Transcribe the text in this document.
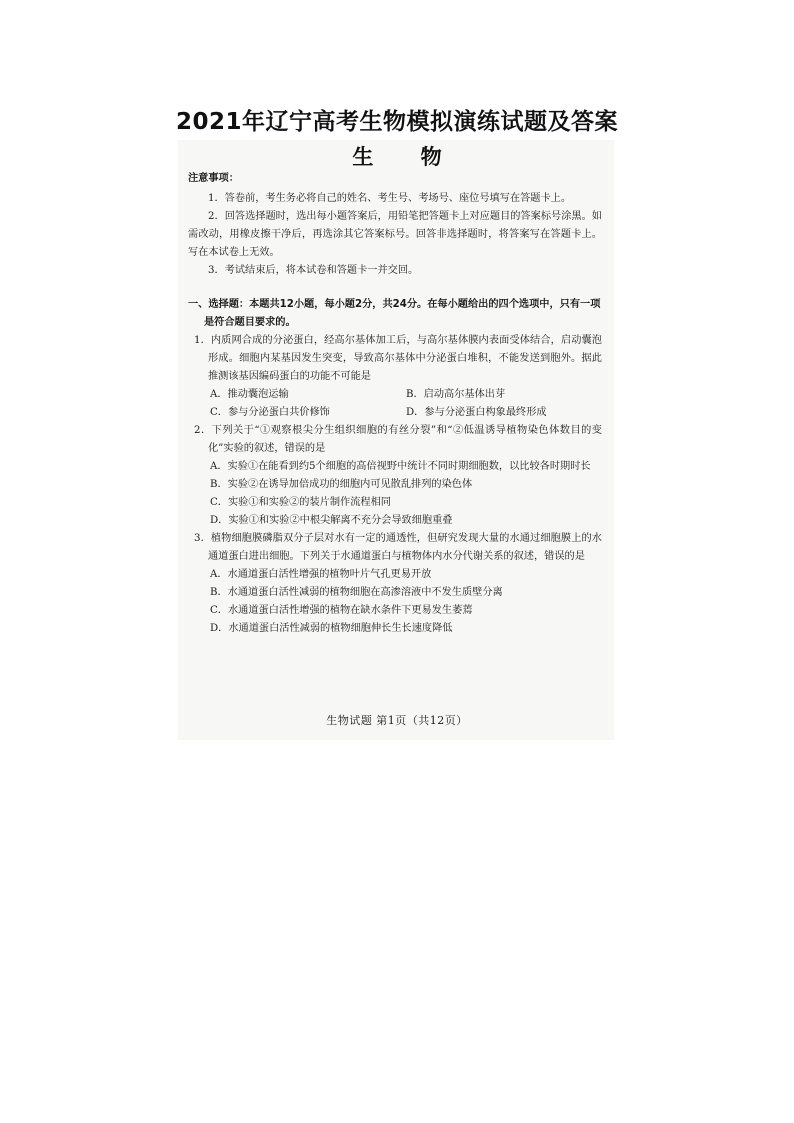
2021年辽宁高考生物模拟演练试题及答案
生 物

注意事项：

1．答卷前，考生务必将自己的姓名、考生号、考场号、座位号填写在答题卡上。

2．回答选择题时，选出每小题答案后，用铅笔把答题卡上对应题目的答案标号涂黑。如需改动，用橡皮擦干净后，再选涂其它答案标号。回答非选择题时，将答案写在答题卡上。写在本试卷上无效。

3．考试结束后，将本试卷和答题卡一并交回。

一、选择题：本题共12小题，每小题2分，共24分。在每小题给出的四个选项中，只有一项是符合题目要求的。

1．内质网合成的分泌蛋白，经高尔基体加工后，与高尔基体膜内表面受体结合，启动囊泡形成。细胞内某基因发生突变，导致高尔基体中分泌蛋白堆积，不能发送到胞外。据此推测该基因编码蛋白的功能不可能是

A．推动囊泡运输	B．启动高尔基体出芽
C．参与分泌蛋白共价修饰	D．参与分泌蛋白构象最终形成

2．下列关于“①观察根尖分生组织细胞的有丝分裂”和“②低温诱导植物染色体数目的变化”实验的叙述，错误的是

A．实验①在能看到约5个细胞的高倍视野中统计不同时期细胞数，以比较各时期时长

B．实验②在诱导加倍成功的细胞内可见散乱排列的染色体

C．实验①和实验②的装片制作流程相同

D．实验①和实验②中根尖解离不充分会导致细胞重叠

3．植物细胞膜磷脂双分子层对水有一定的通透性，但研究发现大量的水通过细胞膜上的水通道蛋白进出细胞。下列关于水通道蛋白与植物体内水分代谢关系的叙述，错误的是

A．水通道蛋白活性增强的植物叶片气孔更易开放

B．水通道蛋白活性减弱的植物细胞在高渗溶液中不发生质壁分离

C．水通道蛋白活性增强的植物在缺水条件下更易发生萎蔫

D．水通道蛋白活性减弱的植物细胞伸长生长速度降低

生物试题 第1页（共12页）
